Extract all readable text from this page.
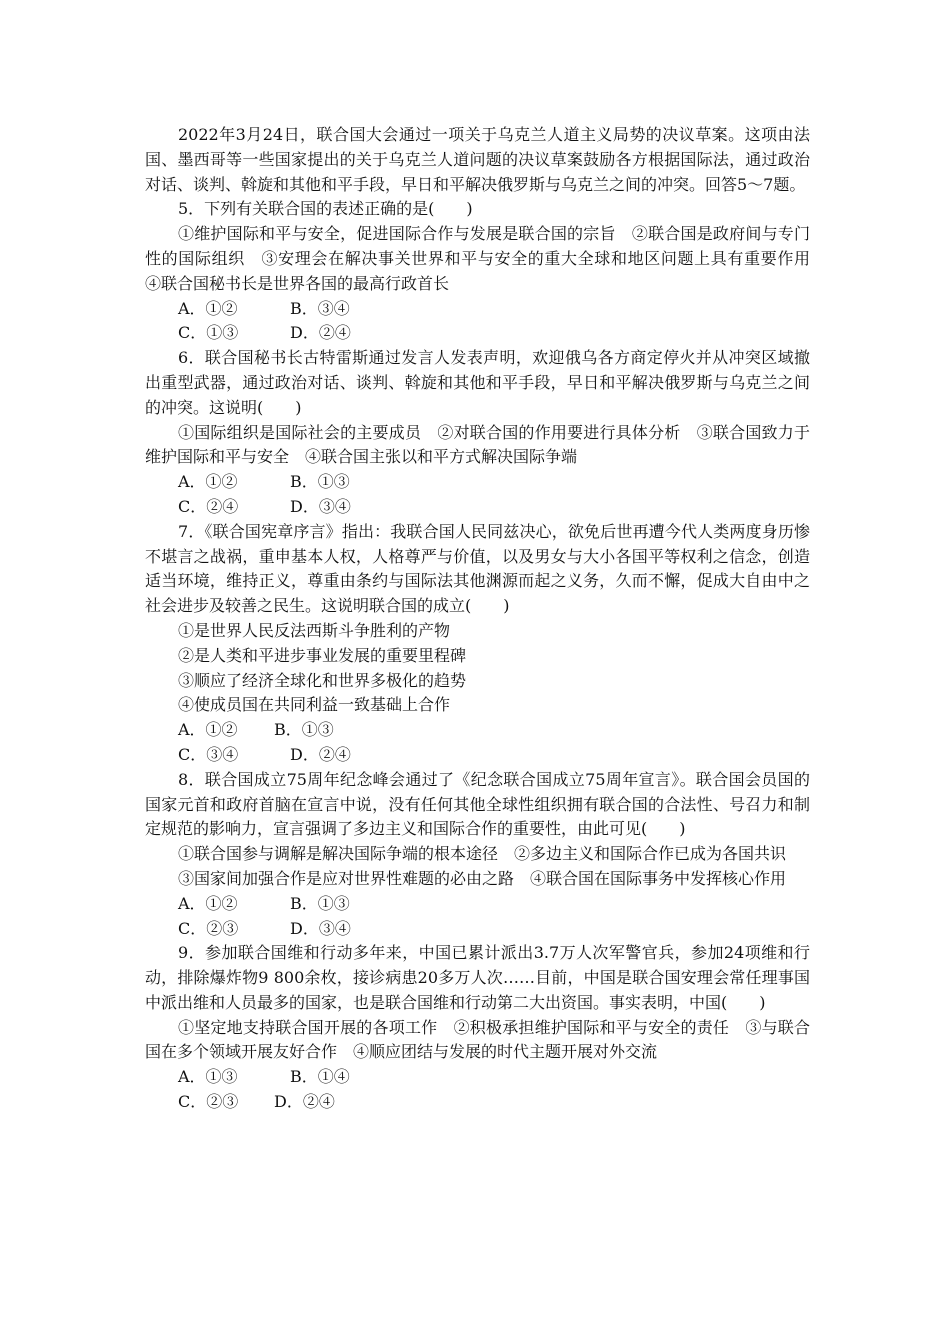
2022年3月24日，联合国大会通过一项关于乌克兰人道主义局势的决议草案。这项由法国、墨西哥等一些国家提出的关于乌克兰人道问题的决议草案鼓励各方根据国际法，通过政治对话、谈判、斡旋和其他和平手段，早日和平解决俄罗斯与乌克兰之间的冲突。回答5～7题。

5．下列有关联合国的表述正确的是(　　)

①维护国际和平与安全，促进国际合作与发展是联合国的宗旨　②联合国是政府间与专门性的国际组织　③安理会在解决事关世界和平与安全的重大全球和地区问题上具有重要作用　④联合国秘书长是世界各国的最高行政首长

A．①②	B．③④
C．①③	D．②④

6．联合国秘书长古特雷斯通过发言人发表声明，欢迎俄乌各方商定停火并从冲突区域撤出重型武器，通过政治对话、谈判、斡旋和其他和平手段，早日和平解决俄罗斯与乌克兰之间的冲突。这说明(　　)

①国际组织是国际社会的主要成员　②对联合国的作用要进行具体分析　③联合国致力于维护国际和平与安全　④联合国主张以和平方式解决国际争端

A．①②	B．①③
C．②④	D．③④

7．《联合国宪章序言》指出：我联合国人民同兹决心，欲免后世再遭今代人类两度身历惨不堪言之战祸，重申基本人权，人格尊严与价值，以及男女与大小各国平等权利之信念，创造适当环境，维持正义，尊重由条约与国际法其他渊源而起之义务，久而不懈，促成大自由中之社会进步及较善之民生。这说明联合国的成立(　　)

①是世界人民反法西斯斗争胜利的产物

②是人类和平进步事业发展的重要里程碑

③顺应了经济全球化和世界多极化的趋势

④使成员国在共同利益一致基础上合作

A．①② B．①③
C．③④	D．②④

8．联合国成立75周年纪念峰会通过了《纪念联合国成立75周年宣言》。联合国会员国的国家元首和政府首脑在宣言中说，没有任何其他全球性组织拥有联合国的合法性、号召力和制定规范的影响力，宣言强调了多边主义和国际合作的重要性，由此可见(　　)

①联合国参与调解是解决国际争端的根本途径　②多边主义和国际合作已成为各国共识

③国家间加强合作是应对世界性难题的必由之路　④联合国在国际事务中发挥核心作用

A．①②	B．①③
C．②③	D．③④

9．参加联合国维和行动多年来，中国已累计派出3.7万人次军警官兵，参加24项维和行动，排除爆炸物9 800余枚，接诊病患20多万人次……目前，中国是联合国安理会常任理事国中派出维和人员最多的国家，也是联合国维和行动第二大出资国。事实表明，中国(　　)

①坚定地支持联合国开展的各项工作　②积极承担维护国际和平与安全的责任　③与联合国在多个领域开展友好合作　④顺应团结与发展的时代主题开展对外交流

A．①③	B．①④
C．②③ D．②④
